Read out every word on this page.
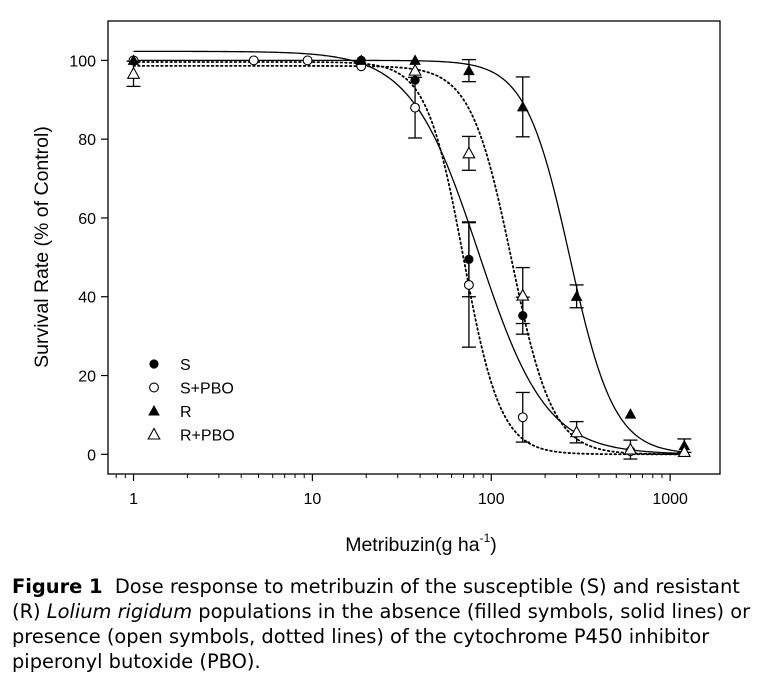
0
20
40
60
80
100
1	10	100	1000
S
S+PBO
R
R+PBO
Survival Rate (% of Control)
Metribuzin(g $ha^{-1}$)
Figure 1 Dose response to metribuzin of the susceptible (S) and resistant (R) Lolium rigidum populations in the absence (filled symbols, solid lines) or presence (open symbols, dotted lines) of the cytochrome P450 inhibitor piperonyl butoxide (PBO).
